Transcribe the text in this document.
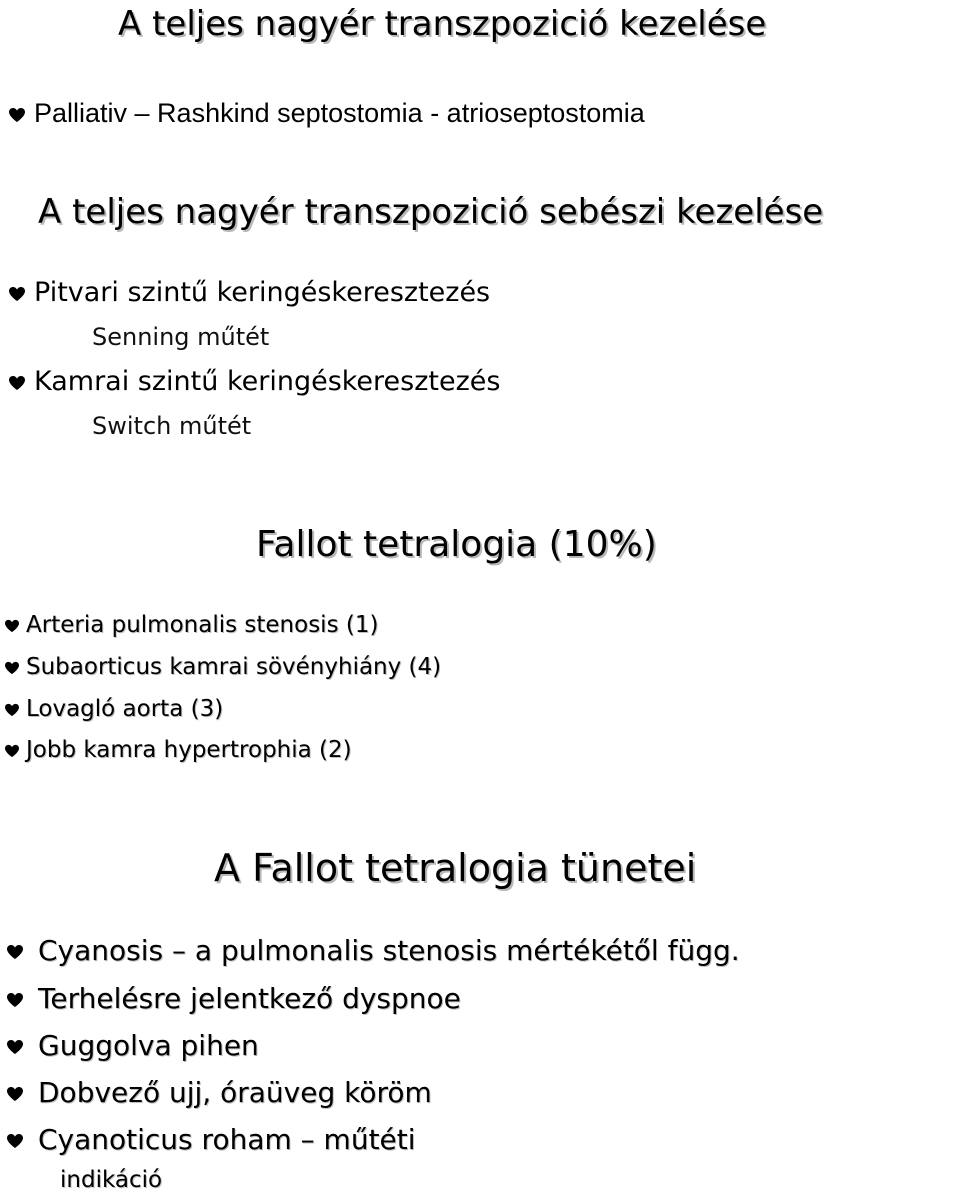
A teljes nagyér transzpozició kezelése
Palliativ – Rashkind septostomia - atrioseptostomia
A teljes nagyér transzpozició sebészi kezelése
Pitvari szintű keringéskeresztezés
Senning műtét
Kamrai szintű keringéskeresztezés
Switch műtét
Fallot tetralogia (10%)
Arteria pulmonalis stenosis (1)
Subaorticus kamrai sövényhiány (4)
Lovagló aorta (3)
Jobb kamra hypertrophia (2)
A Fallot tetralogia tünetei
Cyanosis – a pulmonalis stenosis mértékétől függ.
Terhelésre jelentkező dyspnoe
Guggolva pihen
Dobvező ujj, óraüveg köröm
Cyanoticus roham – műtéti
indikáció
